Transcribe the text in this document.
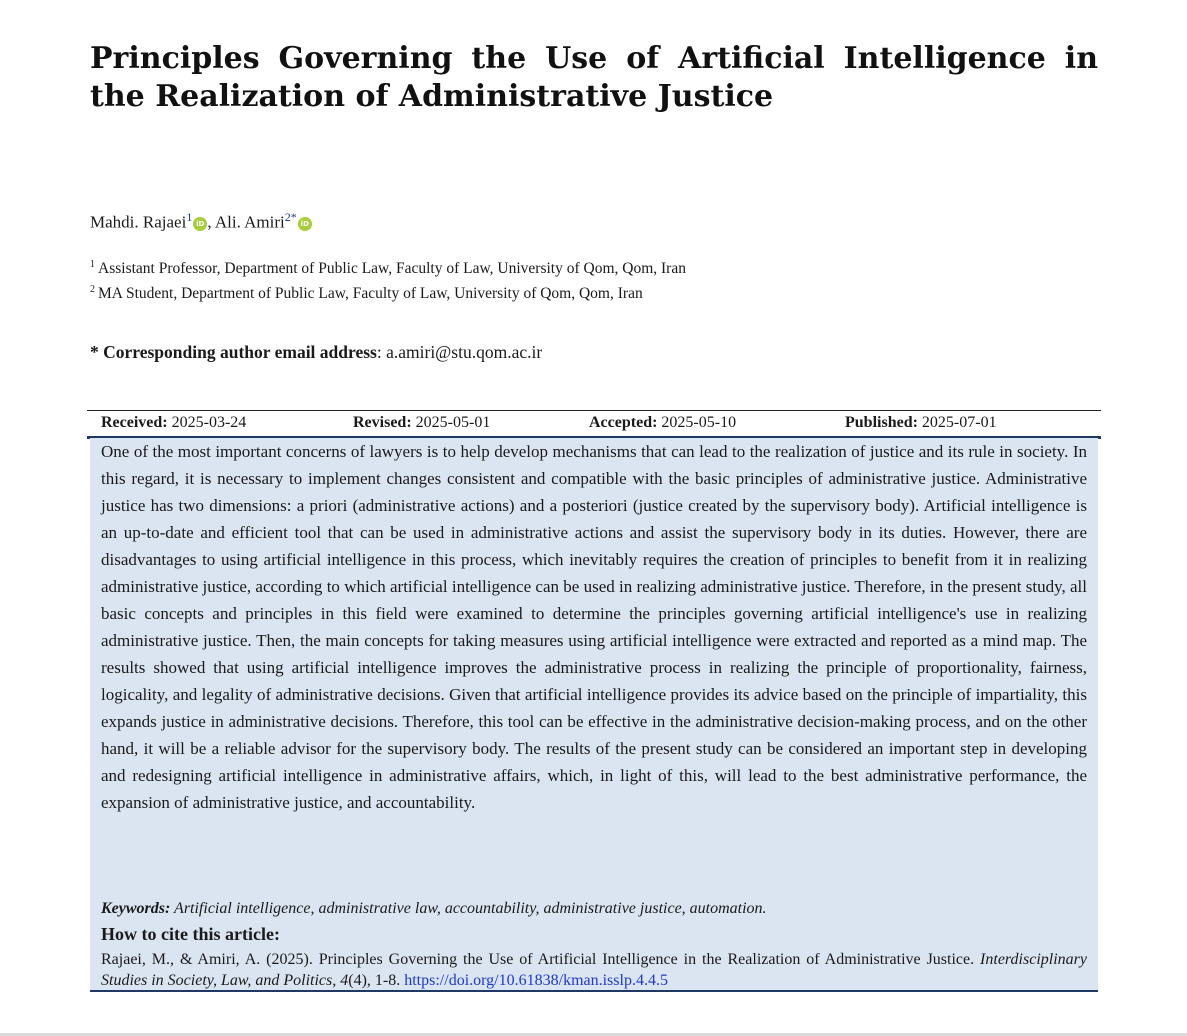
Principles Governing the Use of Artificial Intelligence in the Realization of Administrative Justice
Mahdi. Rajaei$^1$ iD , Ali. Amiri$^{2*}$ iD
$^1$ Assistant Professor, Department of Public Law, Faculty of Law, University of Qom, Qom, Iran
$^2$ MA Student, Department of Public Law, Faculty of Law, University of Qom, Qom, Iran
* Corresponding author email address: a.amiri@stu.qom.ac.ir
Received: 2025-03-24	Revised: 2025-05-01	Accepted: 2025-05-10	Published: 2025-07-01

One of the most important concerns of lawyers is to help develop mechanisms that can lead to the realization of justice and its rule in society. In this regard, it is necessary to implement changes consistent and compatible with the basic principles of administrative justice. Administrative justice has two dimensions: a priori (administrative actions) and a posteriori (justice created by the supervisory body). Artificial intelligence is an up-to-date and efficient tool that can be used in administrative actions and assist the supervisory body in its duties. However, there are disadvantages to using artificial intelligence in this process, which inevitably requires the creation of principles to benefit from it in realizing administrative justice, according to which artificial intelligence can be used in realizing administrative justice. Therefore, in the present study, all basic concepts and principles in this field were examined to determine the principles governing artificial intelligence's use in realizing administrative justice. Then, the main concepts for taking measures using artificial intelligence were extracted and reported as a mind map. The results showed that using artificial intelligence improves the administrative process in realizing the principle of proportionality, fairness, logicality, and legality of administrative decisions. Given that artificial intelligence provides its advice based on the principle of impartiality, this expands justice in administrative decisions. Therefore, this tool can be effective in the administrative decision-making process, and on the other hand, it will be a reliable advisor for the supervisory body. The results of the present study can be considered an important step in developing and redesigning artificial intelligence in administrative affairs, which, in light of this, will lead to the best administrative performance, the expansion of administrative justice, and accountability.

Keywords: Artificial intelligence, administrative law, accountability, administrative justice, automation.
How to cite this article:
Rajaei, M., & Amiri, A. (2025). Principles Governing the Use of Artificial Intelligence in the Realization of Administrative Justice. Interdisciplinary Studies in Society, Law, and Politics, 4(4), 1-8. https://doi.org/10.61838/kman.isslp.4.4.5
